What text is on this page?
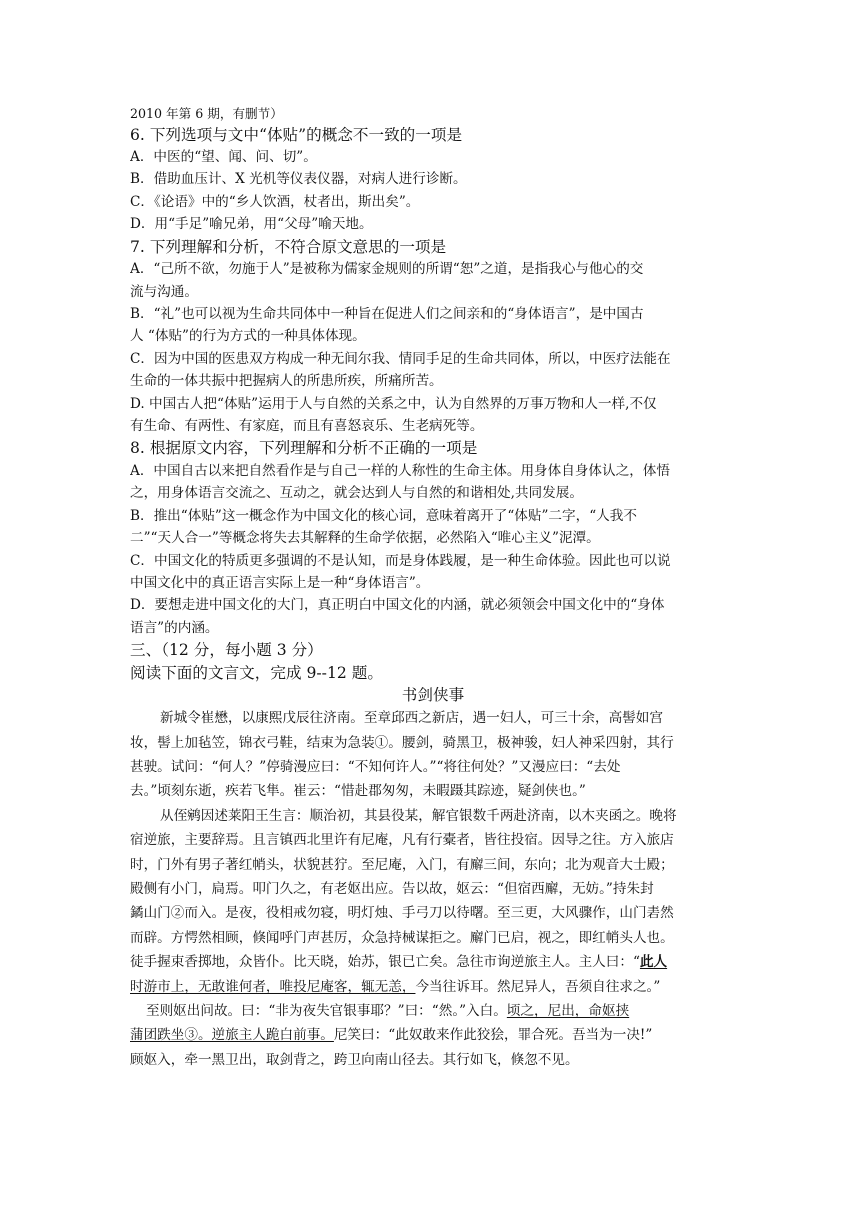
2010 年第 6 期，有删节）
6. 下列选项与文中“体贴”的概念不一致的一项是
A．中医的“望、闻、问、切”。
B．借助血压计、X 光机等仪表仪器，对病人进行诊断。
C．《论语》中的“乡人饮酒，杖者出，斯出矣”。
D．用“手足”喻兄弟，用“父母”喻天地。
7. 下列理解和分析，不符合原文意思的一项是
A．“己所不欲，勿施于人”是被称为儒家金规则的所谓“恕”之道，是指我心与他心的交
流与沟通。
B．“礼”也可以视为生命共同体中一种旨在促进人们之间亲和的“身体语言”，是中国古
人 “体贴”的行为方式的一种具体体现。
C．因为中国的医患双方构成一种无间尔我、情同手足的生命共同体，所以，中医疗法能在
生命的一体共振中把握病人的所患所疾，所痛所苦。
D. 中国古人把“体贴”运用于人与自然的关系之中，认为自然界的万事万物和人一样,不仅
有生命、有两性、有家庭，而且有喜怒哀乐、生老病死等。
8. 根据原文内容，下列理解和分析不正确的一项是
A．中国自古以来把自然看作是与自己一样的人称性的生命主体。用身体自身体认之，体悟
之，用身体语言交流之、互动之，就会达到人与自然的和谐相处,共同发展。
B．推出“体贴”这一概念作为中国文化的核心词，意味着离开了“体贴”二字，“人我不
二”“天人合一”等概念将失去其解释的生命学依据，必然陷入“唯心主义”泥潭。
C．中国文化的特质更多强调的不是认知，而是身体践履，是一种生命体验。因此也可以说
中国文化中的真正语言实际上是一种“身体语言”。
D．要想走进中国文化的大门，真正明白中国文化的内涵，就必须领会中国文化中的“身体
语言”的内涵。
三、（12 分，每小题 3 分）
阅读下面的文言文，完成 9--12 题。
书剑侠事
新城令崔懋，以康熙戊辰往济南。至章邱西之新店，遇一妇人，可三十余，高髻如宫
妆，髻上加毡笠，锦衣弓鞋，结束为急装①。腰剑，骑黑卫，极神骏，妇人神采四射，其行
甚驶。试问：“何人？”停骑漫应曰：“不知何许人。”“将往何处？”又漫应曰：“去处
去。”顷刻东逝，疾若飞隼。崔云：“惜赴郡匆匆，未暇蹑其踪迹，疑剑侠也。”
从侄鹓因述莱阳王生言：顺治初，其县役某，解官银数千两赴济南，以木夹函之。晚将
宿逆旅，主要辞焉。且言镇西北里许有尼庵，凡有行橐者，皆往投宿。因导之往。方入旅店
时，门外有男子著红帩头，状貌甚狞。至尼庵，入门，有廨三间，东向；北为观音大士殿；
殿侧有小门，扃焉。叩门久之，有老妪出应。告以故，妪云：“但宿西廨，无妨。”持朱封
鐍山门②而入。是夜，役相戒勿寝，明灯烛、手弓刀以待曙。至三更，大风骤作，山门砉然
而辟。方愕然相顾，倏闻呼门声甚厉，众急持械谋拒之。廨门已启，视之，即红帩头人也。
徒手握束香掷地，众皆仆。比天晓，始苏，银已亡矣。急往市询逆旅主人。主人曰：“此人
时游市上，无敢谁何者，唯投尼庵客，辄无恙，今当往诉耳。然尼异人，吾须自往求之。”
至则妪出问故。曰：“非为夜失官银事耶？”曰：“然。”入白。顷之，尼出，命妪挟
蒲团跌坐③。逆旅主人跪白前事。尼笑曰：“此奴敢来作此狡狯，罪合死。吾当为一决!”
顾妪入，牵一黑卫出，取剑背之，跨卫向南山径去。其行如飞，倏忽不见。
